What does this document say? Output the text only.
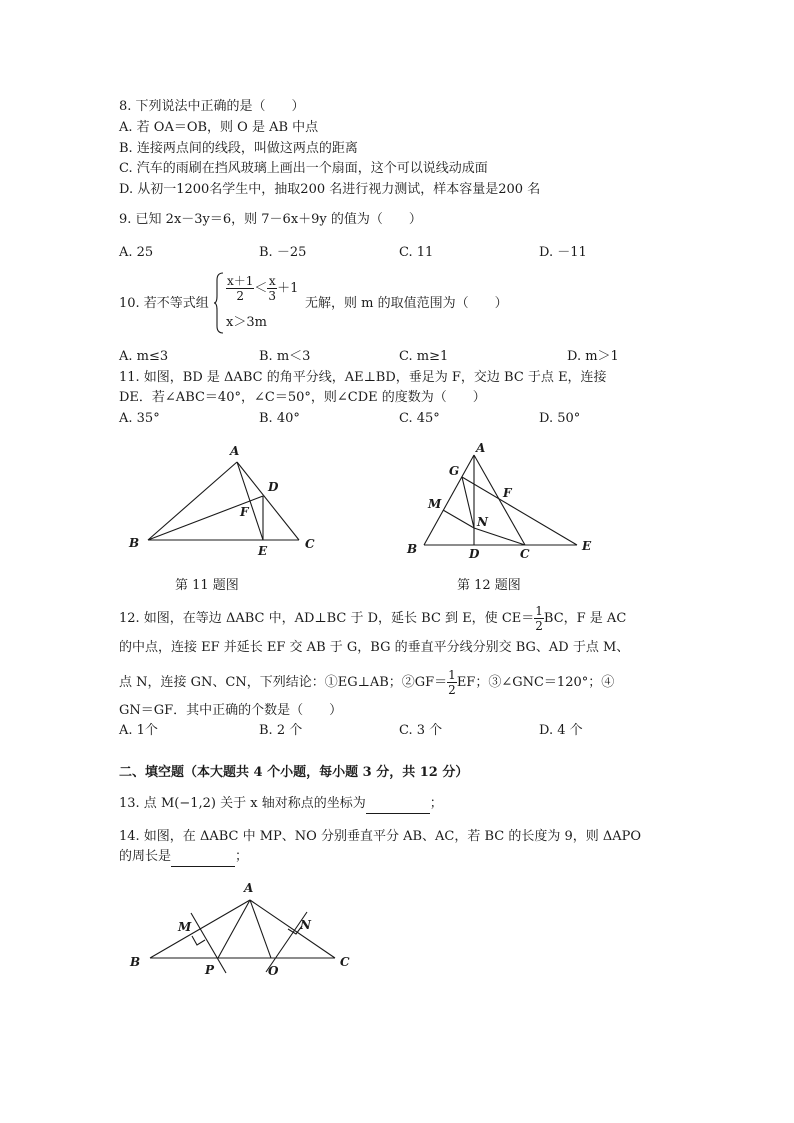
8. 下列说法中正确的是（　　）
A. 若 OA＝OB，则 O 是 AB 中点
B. 连接两点间的线段，叫做这两点的距离
C. 汽车的雨刷在挡风玻璃上画出一个扇面，这个可以说线动成面
D. 从初一1200名学生中，抽取200 名进行视力测试，样本容量是200 名
9. 已知 2x－3y＝6，则 7－6x＋9y 的值为（　　）
A. 25	B. －25	C. 11	D. －11
10. 若不等式组
$\frac{x+1}{2} < \frac{x}{3} +1$
x＞3m
无解，则 m 的取值范围为（　　）
A. m≤3	B. m＜3	C. m≥1	D. m＞1
11. 如图，BD 是 ΔABC 的角平分线，AE⊥BD，垂足为 F，交边 BC 于点 E，连接
DE．若∠ABC＝40°，∠C＝50°，则∠CDE 的度数为（　　）
A. 35°	B. 40°	C. 45°	D. 50°
A
B	C
D
E
F
第 11 题图
A
B	C
D
E
F
G
M
N
第 12 题图
12. 如图，在等边 ΔABC 中，AD⊥BC 于 D，延长 BC 到 E，使 $CE= \frac{1}{2}$ BC，F 是 AC
的中点，连接 EF 并延长 EF 交 AB 于 G，BG 的垂直平分线分别交 BG、AD 于点 M、
点 N，连接 GN、CN，下列结论：①EG⊥AB；②GF＝ $\frac{1}{2}$ EF；③∠GNC＝120°；④
GN＝GF．其中正确的个数是（　　）
A. 1个	B. 2 个	C. 3 个	D. 4 个
二、填空题（本大题共 4 个小题，每小题 3 分，共 12 分）
13. 点 M(−1,2) 关于 x 轴对称点的坐标为	；
14. 如图，在 ΔABC 中 MP、NO 分别垂直平分 AB、AC，若 BC 的长度为 9，则 ΔAPO
的周长是	；
A
B	C
M	N
P	O
